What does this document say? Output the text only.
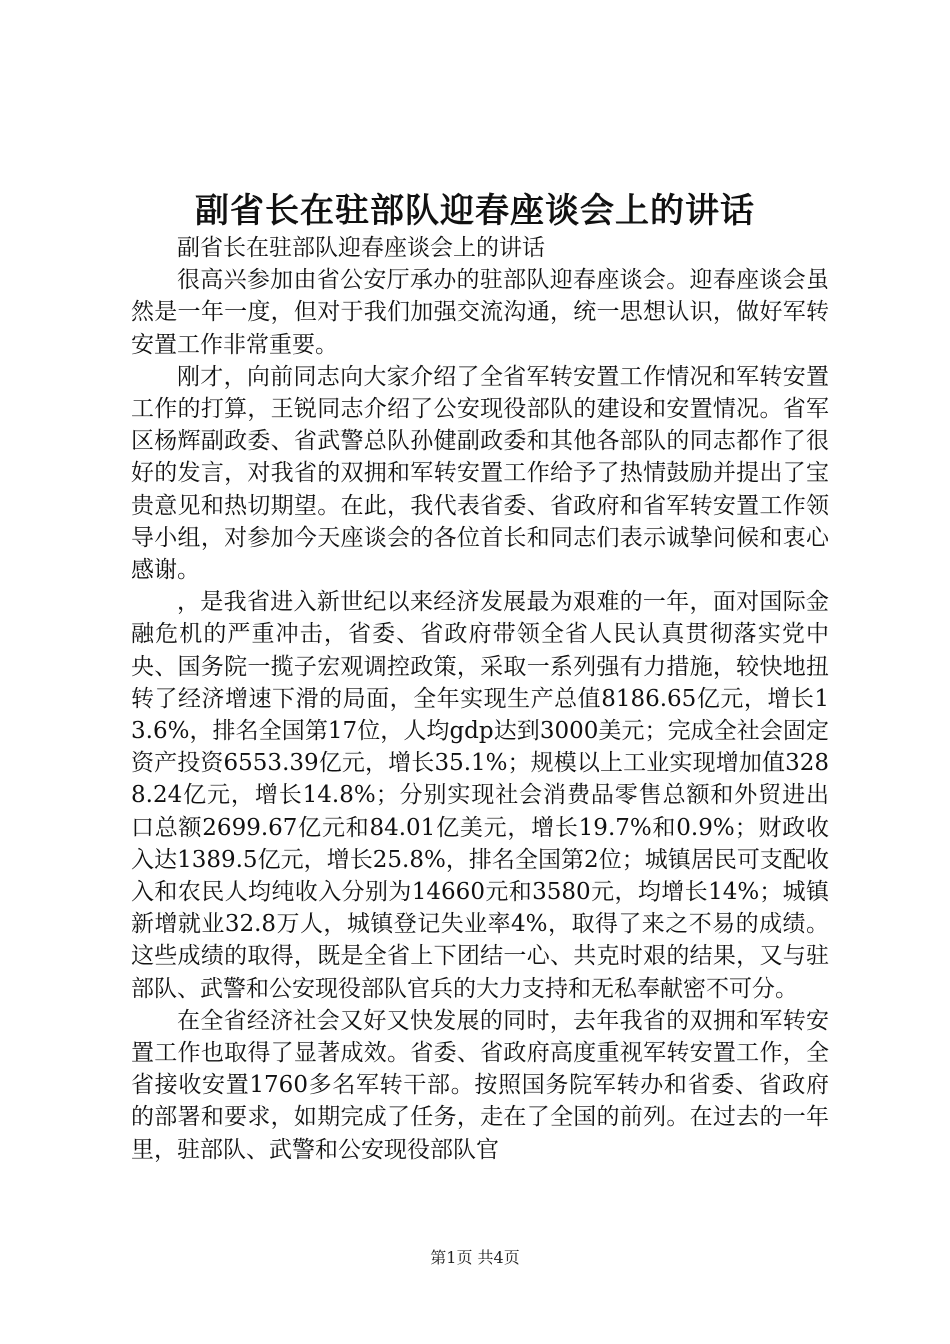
副省长在驻部队迎春座谈会上的讲话

副省长在驻部队迎春座谈会上的讲话

很高兴参加由省公安厅承办的驻部队迎春座谈会。迎春座谈会虽然是一年一度，但对于我们加强交流沟通，统一思想认识，做好军转安置工作非常重要。

刚才，向前同志向大家介绍了全省军转安置工作情况和军转安置工作的打算，王锐同志介绍了公安现役部队的建设和安置情况。省军区杨辉副政委、省武警总队孙健副政委和其他各部队的同志都作了很好的发言，对我省的双拥和军转安置工作给予了热情鼓励并提出了宝贵意见和热切期望。在此，我代表省委、省政府和省军转安置工作领导小组，对参加今天座谈会的各位首长和同志们表示诚挚问候和衷心感谢。

，是我省进入新世纪以来经济发展最为艰难的一年，面对国际金融危机的严重冲击，省委、省政府带领全省人民认真贯彻落实党中央、国务院一揽子宏观调控政策，采取一系列强有力措施，较快地扭转了经济增速下滑的局面，全年实现生产总值8186.65亿元，增长13.6%，排名全国第17位，人均gdp达到3000美元；完成全社会固定资产投资6553.39亿元，增长35.1%；规模以上工业实现增加值3288.24亿元，增长14.8%；分别实现社会消费品零售总额和外贸进出口总额2699.67亿元和84.01亿美元，增长19.7%和0.9%；财政收入达1389.5亿元，增长25.8%，排名全国第2位；城镇居民可支配收入和农民人均纯收入分别为14660元和3580元，均增长14%；城镇新增就业32.8万人，城镇登记失业率4%，取得了来之不易的成绩。这些成绩的取得，既是全省上下团结一心、共克时艰的结果，又与驻部队、武警和公安现役部队官兵的大力支持和无私奉献密不可分。

在全省经济社会又好又快发展的同时，去年我省的双拥和军转安置工作也取得了显著成效。省委、省政府高度重视军转安置工作，全省接收安置1760多名军转干部。按照国务院军转办和省委、省政府的部署和要求，如期完成了任务，走在了全国的前列。在过去的一年里，驻部队、武警和公安现役部队官

第1页 共4页
